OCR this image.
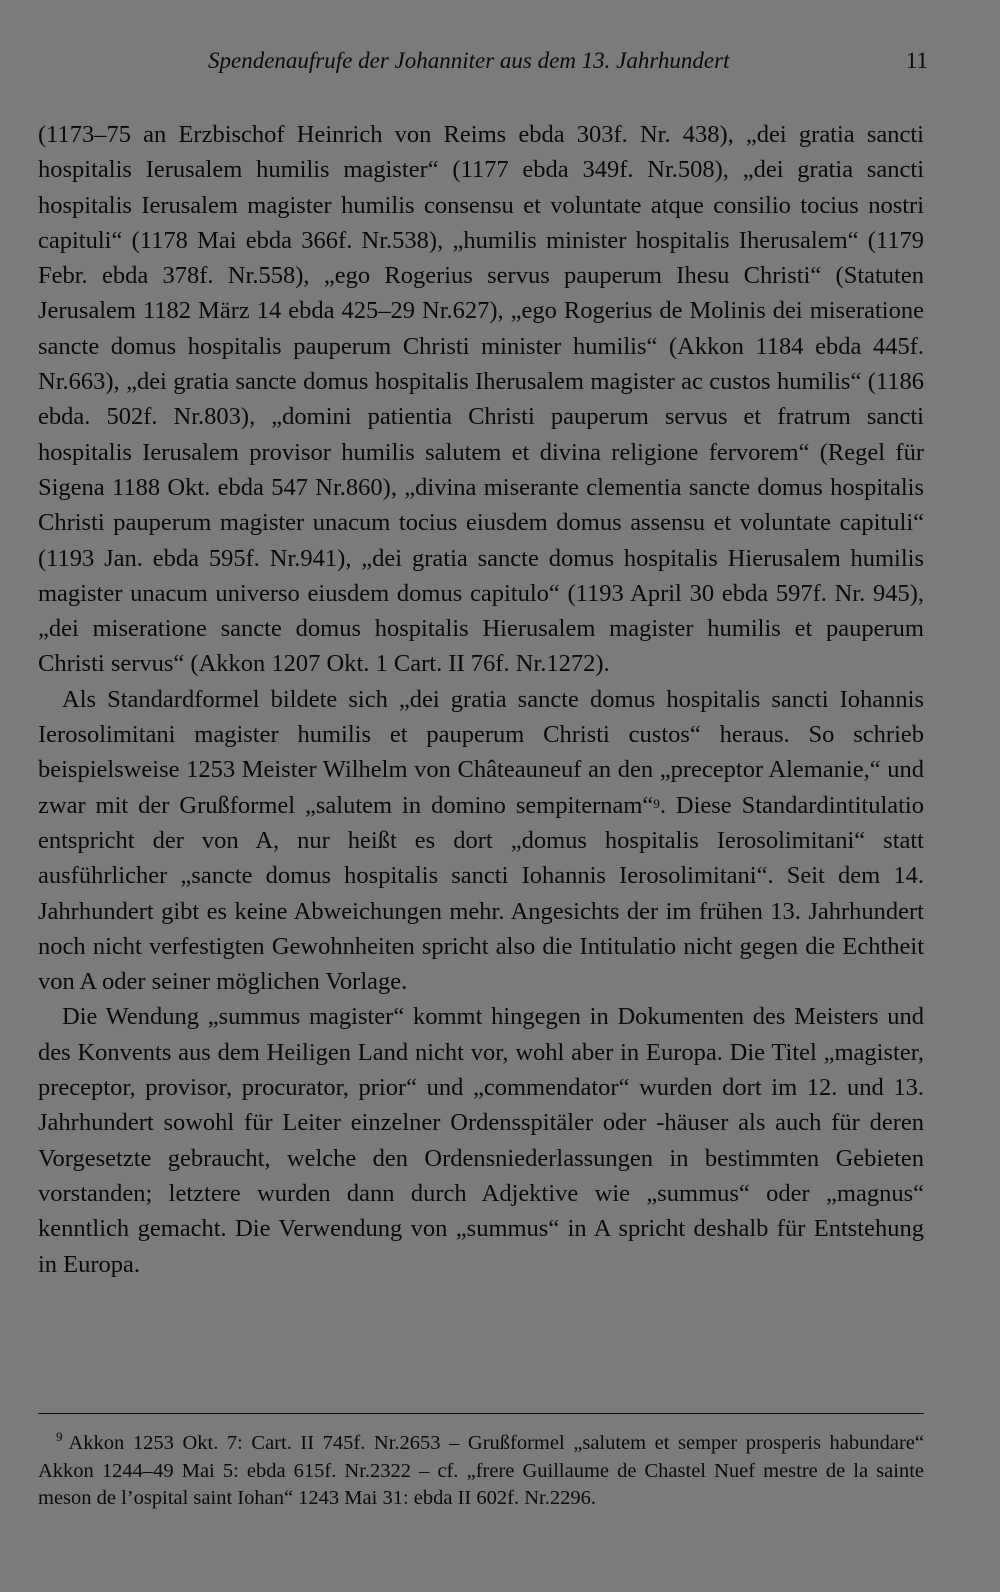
Spendenaufrufe der Johanniter aus dem 13. Jahrhundert	11

(1173–75 an Erzbischof Heinrich von Reims ebda 303f. Nr. 438), „dei gratia sancti hospitalis Ierusalem humilis magister“ (1177 ebda 349f. Nr.508), „dei gratia sancti hospitalis Ierusalem magister humilis consensu et voluntate atque consilio tocius nostri capituli“ (1178 Mai ebda 366f. Nr.538), „humilis minister hospitalis Iherusalem“ (1179 Febr. ebda 378f. Nr.558), „ego Rogerius servus pauperum Ihesu Christi“ (Statuten Jerusalem 1182 März 14 ebda 425–29 Nr.627), „ego Rogerius de Molinis dei miseratione sancte domus hospitalis pauperum Christi minister humilis“ (Akkon 1184 ebda 445f. Nr.663), „dei gratia sancte domus hospitalis Iherusalem magister ac custos humilis“ (1186 ebda. 502f. Nr.803), „domini patientia Christi pauperum servus et fratrum sancti hospitalis Ierusalem provisor humilis salutem et divina religione fervorem“ (Regel für Sigena 1188 Okt. ebda 547 Nr.860), „divina miserante clementia sancte domus hospitalis Christi pauperum magister unacum tocius eiusdem domus assensu et voluntate capituli“ (1193 Jan. ebda 595f. Nr.941), „dei gratia sancte domus hospitalis Hierusalem humilis magister unacum universo eiusdem domus capitulo“ (1193 April 30 ebda 597f. Nr. 945), „dei miseratione sancte domus hospitalis Hierusalem magister humilis et pauperum Christi servus“ (Akkon 1207 Okt. 1 Cart. II 76f. Nr.1272).

Als Standardformel bildete sich „dei gratia sancte domus hospitalis sancti Iohannis Ierosolimitani magister humilis et pauperum Christi custos“ heraus. So schrieb beispielsweise 1253 Meister Wilhelm von Châteauneuf an den „preceptor Alemanie,“ und zwar mit der Grußformel „salutem in domino sempiternam“$^9$. Diese Standardintitulatio entspricht der von A, nur heißt es dort „domus hospitalis Ierosolimitani“ statt ausführlicher „sancte domus hospitalis sancti Iohannis Ierosolimitani“. Seit dem 14. Jahrhundert gibt es keine Abweichungen mehr. Angesichts der im frühen 13. Jahrhundert noch nicht verfestigten Gewohnheiten spricht also die Intitulatio nicht gegen die Echtheit von A oder seiner möglichen Vorlage.

Die Wendung „summus magister“ kommt hingegen in Dokumenten des Meisters und des Konvents aus dem Heiligen Land nicht vor, wohl aber in Europa. Die Titel „magister, preceptor, provisor, procurator, prior“ und „commendator“ wurden dort im 12. und 13. Jahrhundert sowohl für Leiter einzelner Ordensspitäler oder -häuser als auch für deren Vorgesetzte gebraucht, welche den Ordensniederlassungen in bestimmten Gebieten vorstanden; letztere wurden dann durch Adjektive wie „summus“ oder „magnus“ kenntlich gemacht. Die Verwendung von „summus“ in A spricht deshalb für Entstehung in Europa.

$^9$ Akkon 1253 Okt. 7: Cart. II 745f. Nr.2653 – Grußformel „salutem et semper prosperis habundare“ Akkon 1244–49 Mai 5: ebda 615f. Nr.2322 – cf. „frere Guillaume de Chastel Nuef mestre de la sainte meson de l’ospital saint Iohan“ 1243 Mai 31: ebda II 602f. Nr.2296.
